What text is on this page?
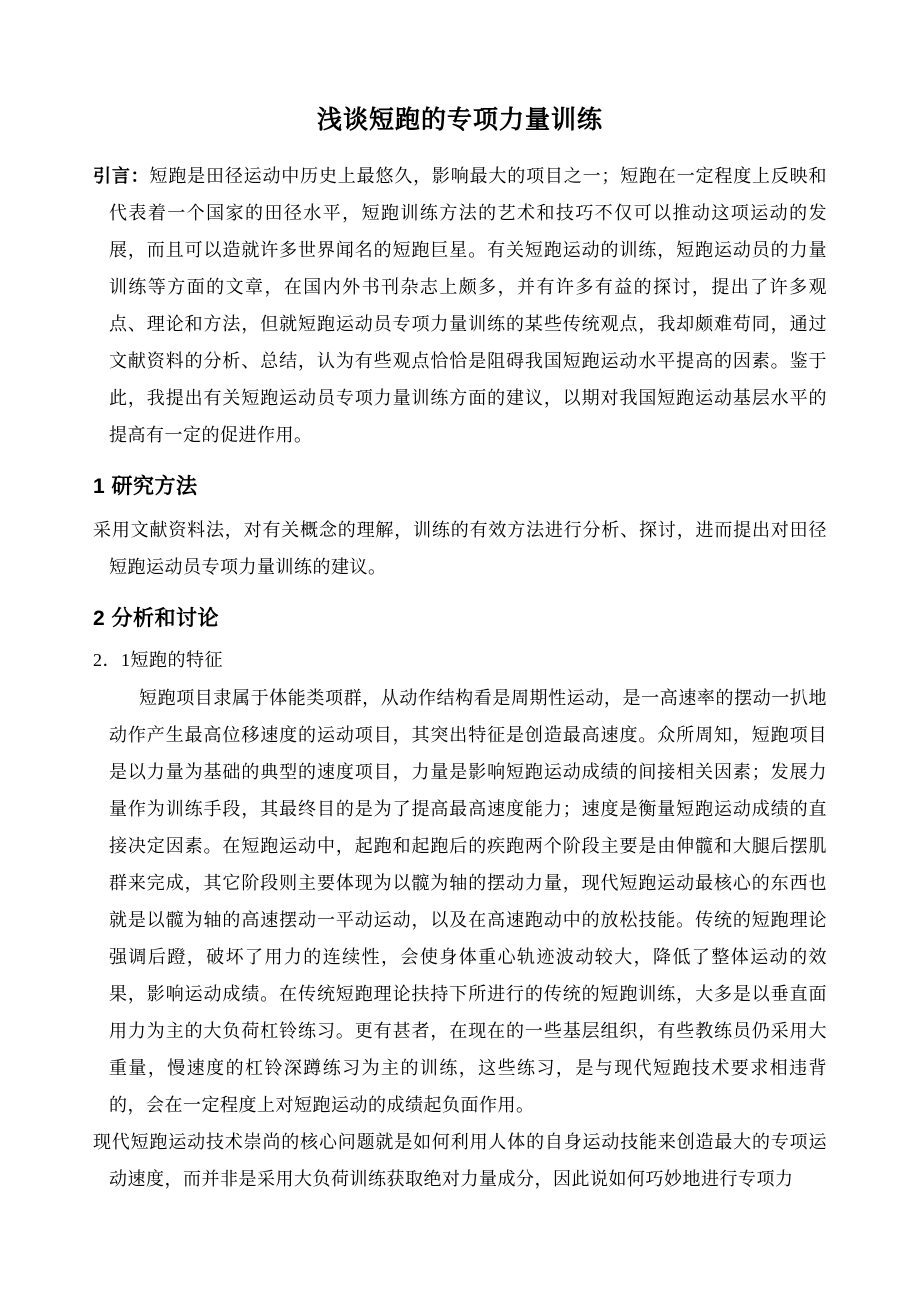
浅谈短跑的专项力量训练

引言：短跑是田径运动中历史上最悠久，影响最大的项目之一；短跑在一定程度上反映和代表着一个国家的田径水平，短跑训练方法的艺术和技巧不仅可以推动这项运动的发展，而且可以造就许多世界闻名的短跑巨星。有关短跑运动的训练，短跑运动员的力量训练等方面的文章，在国内外书刊杂志上颇多，并有许多有益的探讨，提出了许多观点、理论和方法，但就短跑运动员专项力量训练的某些传统观点，我却颇难苟同，通过文献资料的分析、总结，认为有些观点恰恰是阻碍我国短跑运动水平提高的因素。鉴于此，我提出有关短跑运动员专项力量训练方面的建议，以期对我国短跑运动基层水平的提高有一定的促进作用。

1 研究方法

采用文献资料法，对有关概念的理解，训练的有效方法进行分析、探讨，进而提出对田径短跑运动员专项力量训练的建议。

2 分析和讨论
2．1短跑的特征

短跑项目隶属于体能类项群，从动作结构看是周期性运动，是一高速率的摆动一扒地动作产生最高位移速度的运动项目，其突出特征是创造最高速度。众所周知，短跑项目是以力量为基础的典型的速度项目，力量是影响短跑运动成绩的间接相关因素；发展力量作为训练手段，其最终目的是为了提高最高速度能力；速度是衡量短跑运动成绩的直接决定因素。在短跑运动中，起跑和起跑后的疾跑两个阶段主要是由伸髋和大腿后摆肌群来完成，其它阶段则主要体现为以髋为轴的摆动力量，现代短跑运动最核心的东西也就是以髋为轴的高速摆动一平动运动，以及在高速跑动中的放松技能。传统的短跑理论强调后蹬，破坏了用力的连续性，会使身体重心轨迹波动较大，降低了整体运动的效果，影响运动成绩。在传统短跑理论扶持下所进行的传统的短跑训练，大多是以垂直面用力为主的大负荷杠铃练习。更有甚者，在现在的一些基层组织，有些教练员仍采用大重量，慢速度的杠铃深蹲练习为主的训练，这些练习，是与现代短跑技术要求相违背的，会在一定程度上对短跑运动的成绩起负面作用。

现代短跑运动技术崇尚的核心问题就是如何利用人体的自身运动技能来创造最大的专项运动速度，而并非是采用大负荷训练获取绝对力量成分，因此说如何巧妙地进行专项力
